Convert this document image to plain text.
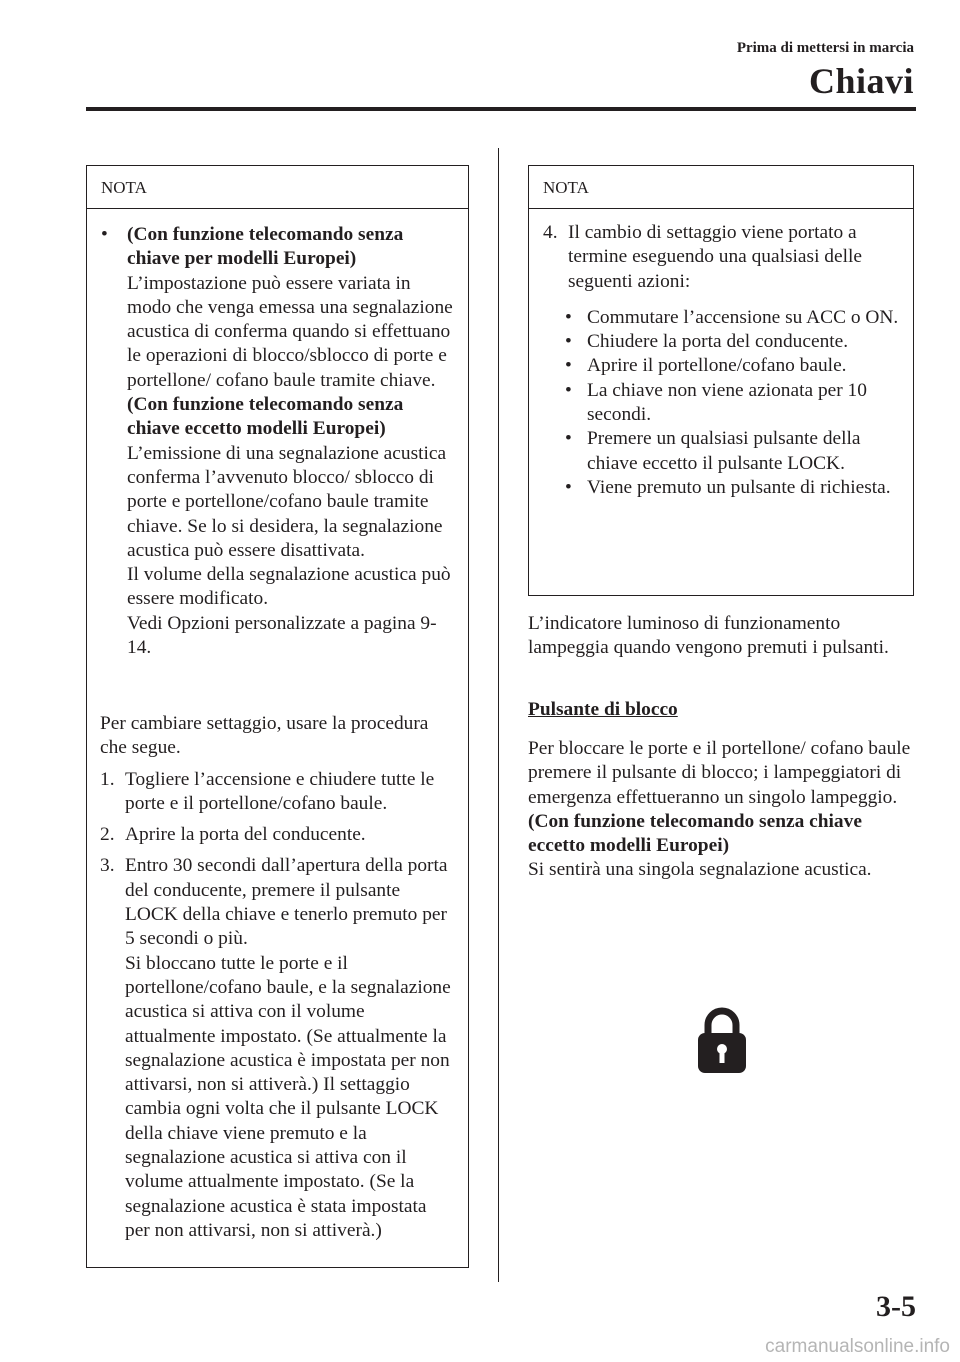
Prima di mettersi in marcia
Chiavi
NOTA
• (Con funzione telecomando senza chiave per modelli Europei)
L’impostazione può essere variata in modo che venga emessa una segnalazione acustica di conferma quando si effettuano le operazioni di blocco/sblocco di porte e portellone/ cofano baule tramite chiave.
(Con funzione telecomando senza chiave eccetto modelli Europei)
L’emissione di una segnalazione acustica conferma l’avvenuto blocco/ sblocco di porte e portellone/cofano baule tramite chiave. Se lo si desidera, la segnalazione acustica può essere disattivata.
Il volume della segnalazione acustica può essere modificato.
Vedi Opzioni personalizzate a pagina 9-14.
Per cambiare settaggio, usare la procedura che segue.
1. Togliere l’accensione e chiudere tutte le porte e il portellone/cofano baule.
2. Aprire la porta del conducente.
3. Entro 30 secondi dall’apertura della porta del conducente, premere il pulsante LOCK della chiave e tenerlo premuto per 5 secondi o più.
Si bloccano tutte le porte e il portellone/cofano baule, e la segnalazione acustica si attiva con il volume attualmente impostato. (Se attualmente la segnalazione acustica è impostata per non attivarsi, non si attiverà.) Il settaggio cambia ogni volta che il pulsante LOCK della chiave viene premuto e la segnalazione acustica si attiva con il volume attualmente impostato. (Se la segnalazione acustica è stata impostata per non attivarsi, non si attiverà.)
NOTA
4. Il cambio di settaggio viene portato a termine eseguendo una qualsiasi delle seguenti azioni:
• Commutare l’accensione su ACC o ON.
• Chiudere la porta del conducente.
• Aprire il portellone/cofano baule.
• La chiave non viene azionata per 10 secondi.
• Premere un qualsiasi pulsante della chiave eccetto il pulsante LOCK.
• Viene premuto un pulsante di richiesta.
L’indicatore luminoso di funzionamento lampeggia quando vengono premuti i pulsanti.
Pulsante di blocco
Per bloccare le porte e il portellone/ cofano baule premere il pulsante di blocco; i lampeggiatori di emergenza effettueranno un singolo lampeggio.
(Con funzione telecomando senza chiave eccetto modelli Europei)
Si sentirà una singola segnalazione acustica.
3-5
carmanualsonline.info
